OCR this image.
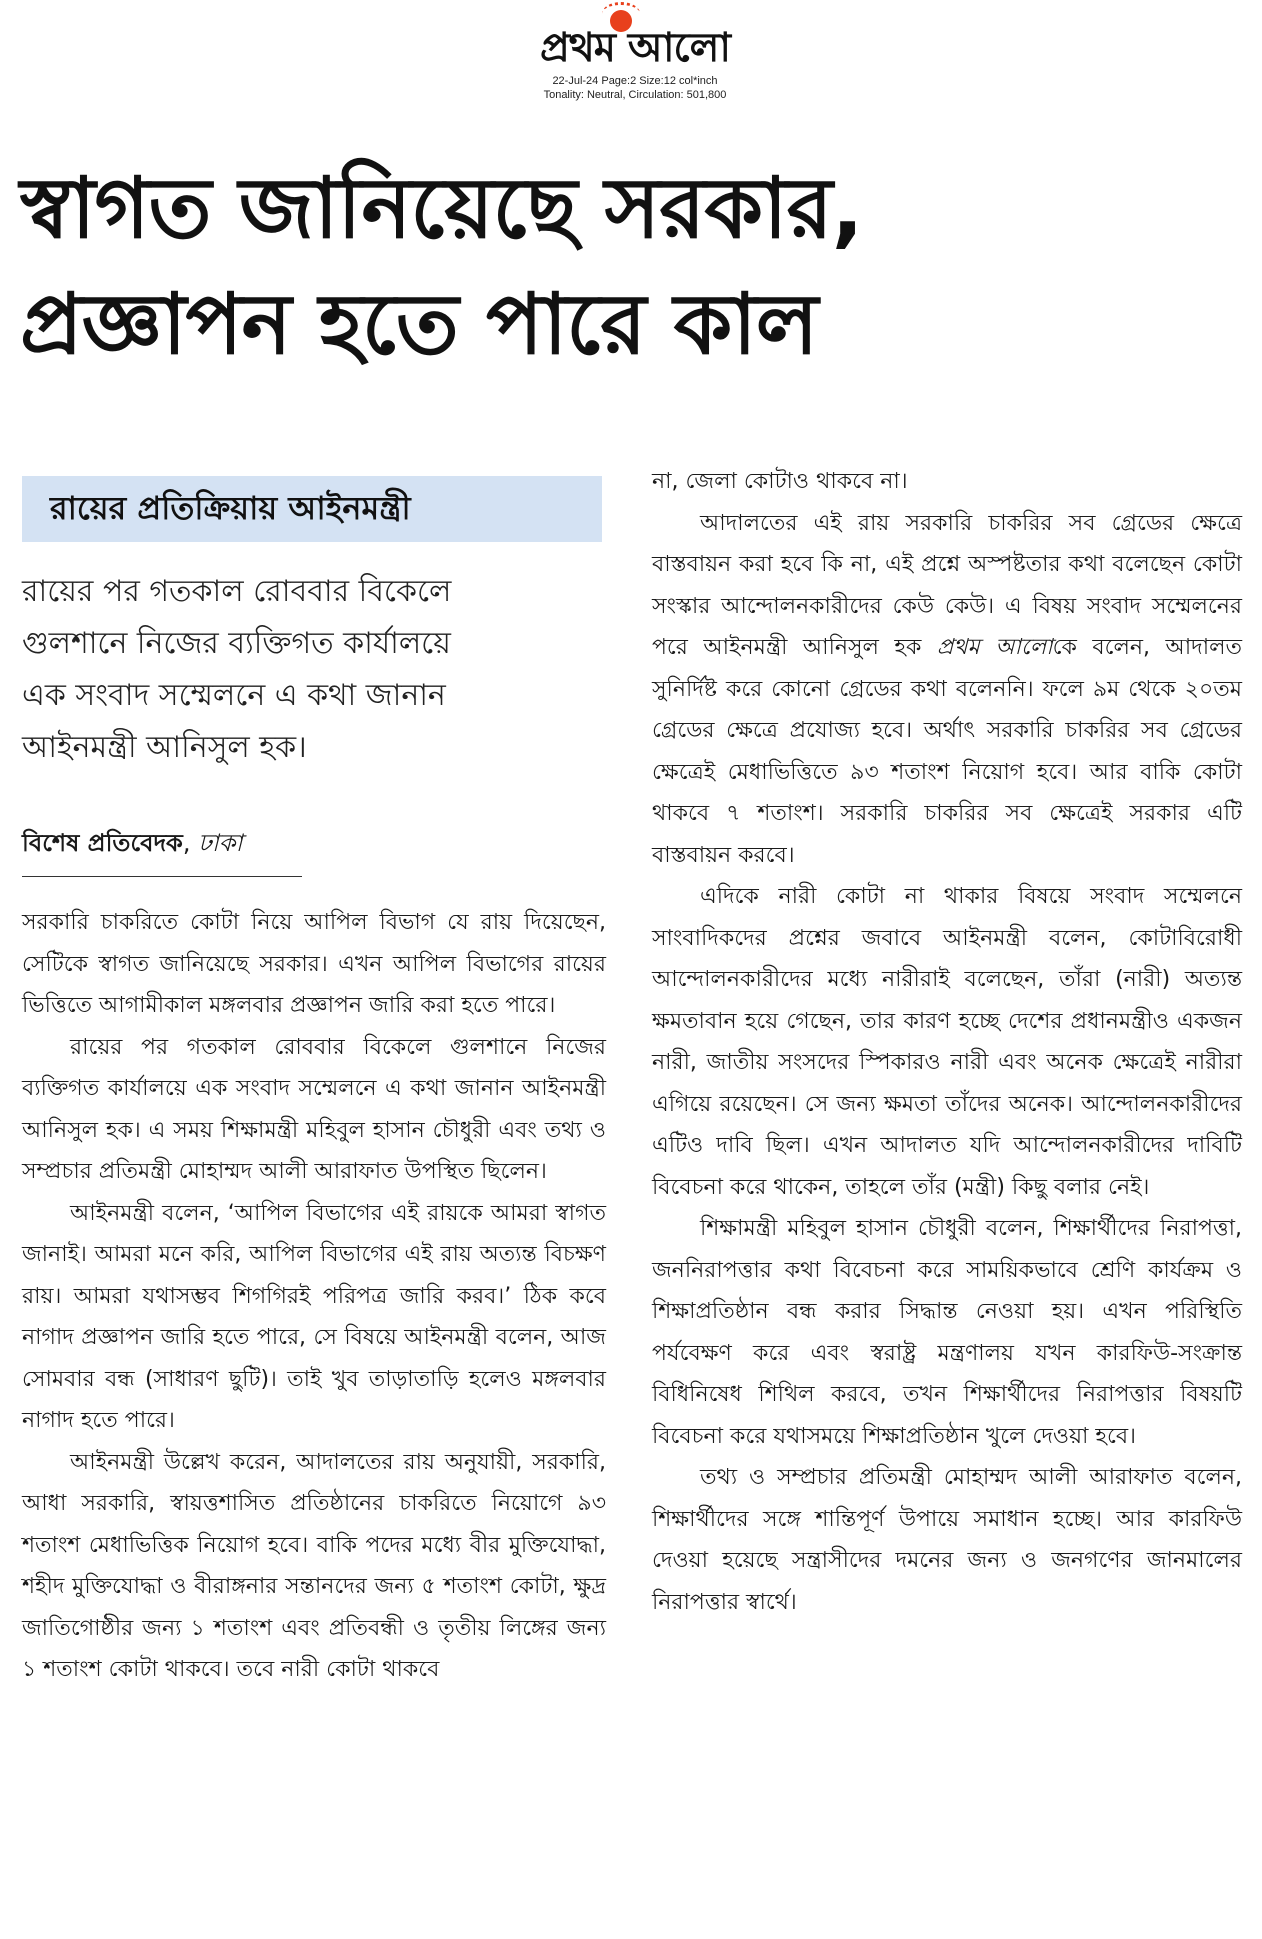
প্রথম আলো
22-Jul-24 Page:2 Size:12 col*inch
Tonality: Neutral, Circulation: 501,800
স্বাগত জানিয়েছে সরকার,
প্রজ্ঞাপন হতে পারে কাল
রায়ের প্রতিক্রিয়ায় আইনমন্ত্রী
রায়ের পর গতকাল রোববার বিকেলে
গুলশানে নিজের ব্যক্তিগত কার্যালয়ে
এক সংবাদ সম্মেলনে এ কথা জানান
আইনমন্ত্রী আনিসুল হক।
বিশেষ প্রতিবেদক, ঢাকা

সরকারি চাকরিতে কোটা নিয়ে আপিল বিভাগ যে রায় দিয়েছেন, সেটিকে স্বাগত জানিয়েছে সরকার। এখন আপিল বিভাগের রায়ের ভিত্তিতে আগামীকাল মঙ্গলবার প্রজ্ঞাপন জারি করা হতে পারে।

রায়ের পর গতকাল রোববার বিকেলে গুলশানে নিজের ব্যক্তিগত কার্যালয়ে এক সংবাদ সম্মেলনে এ কথা জানান আইনমন্ত্রী আনিসুল হক। এ সময় শিক্ষামন্ত্রী মহিবুল হাসান চৌধুরী এবং তথ্য ও সম্প্রচার প্রতিমন্ত্রী মোহাম্মদ আলী আরাফাত উপস্থিত ছিলেন।

আইনমন্ত্রী বলেন, ‘আপিল বিভাগের এই রায়কে আমরা স্বাগত জানাই। আমরা মনে করি, আপিল বিভাগের এই রায় অত্যন্ত বিচক্ষণ রায়। আমরা যথাসম্ভব শিগগিরই পরিপত্র জারি করব।’ ঠিক কবে নাগাদ প্রজ্ঞাপন জারি হতে পারে, সে বিষয়ে আইনমন্ত্রী বলেন, আজ সোমবার বন্ধ (সাধারণ ছুটি)। তাই খুব তাড়াতাড়ি হলেও মঙ্গলবার নাগাদ হতে পারে।

আইনমন্ত্রী উল্লেখ করেন, আদালতের রায় অনুযায়ী, সরকারি, আধা সরকারি, স্বায়ত্তশাসিত প্রতিষ্ঠানের চাকরিতে নিয়োগে ৯৩ শতাংশ মেধাভিত্তিক নিয়োগ হবে। বাকি পদের মধ্যে বীর মুক্তিযোদ্ধা, শহীদ মুক্তিযোদ্ধা ও বীরাঙ্গনার সন্তানদের জন্য ৫ শতাংশ কোটা, ক্ষুদ্র জাতিগোষ্ঠীর জন্য ১ শতাংশ এবং প্রতিবন্ধী ও তৃতীয় লিঙ্গের জন্য ১ শতাংশ কোটা থাকবে। তবে নারী কোটা থাকবে

না, জেলা কোটাও থাকবে না।

আদালতের এই রায় সরকারি চাকরির সব গ্রেডের ক্ষেত্রে বাস্তবায়ন করা হবে কি না, এই প্রশ্নে অস্পষ্টতার কথা বলেছেন কোটা সংস্কার আন্দোলনকারীদের কেউ কেউ। এ বিষয় সংবাদ সম্মেলনের পরে আইনমন্ত্রী আনিসুল হক প্রথম আলোকে বলেন, আদালত সুনির্দিষ্ট করে কোনো গ্রেডের কথা বলেননি। ফলে ৯ম থেকে ২০তম গ্রেডের ক্ষেত্রে প্রযোজ্য হবে। অর্থাৎ সরকারি চাকরির সব গ্রেডের ক্ষেত্রেই মেধাভিত্তিতে ৯৩ শতাংশ নিয়োগ হবে। আর বাকি কোটা থাকবে ৭ শতাংশ। সরকারি চাকরির সব ক্ষেত্রেই সরকার এটি বাস্তবায়ন করবে।

এদিকে নারী কোটা না থাকার বিষয়ে সংবাদ সম্মেলনে সাংবাদিকদের প্রশ্নের জবাবে আইনমন্ত্রী বলেন, কোটাবিরোধী আন্দোলনকারীদের মধ্যে নারীরাই বলেছেন, তাঁরা (নারী) অত্যন্ত ক্ষমতাবান হয়ে গেছেন, তার কারণ হচ্ছে দেশের প্রধানমন্ত্রীও একজন নারী, জাতীয় সংসদের স্পিকারও নারী এবং অনেক ক্ষেত্রেই নারীরা এগিয়ে রয়েছেন। সে জন্য ক্ষমতা তাঁদের অনেক। আন্দোলনকারীদের এটিও দাবি ছিল। এখন আদালত যদি আন্দোলনকারীদের দাবিটি বিবেচনা করে থাকেন, তাহলে তাঁর (মন্ত্রী) কিছু বলার নেই।

শিক্ষামন্ত্রী মহিবুল হাসান চৌধুরী বলেন, শিক্ষার্থীদের নিরাপত্তা, জননিরাপত্তার কথা বিবেচনা করে সাময়িকভাবে শ্রেণি কার্যক্রম ও শিক্ষাপ্রতিষ্ঠান বন্ধ করার সিদ্ধান্ত নেওয়া হয়। এখন পরিস্থিতি পর্যবেক্ষণ করে এবং স্বরাষ্ট্র মন্ত্রণালয় যখন কারফিউ-সংক্রান্ত বিধিনিষেধ শিথিল করবে, তখন শিক্ষার্থীদের নিরাপত্তার বিষয়টি বিবেচনা করে যথাসময়ে শিক্ষাপ্রতিষ্ঠান খুলে দেওয়া হবে।

তথ্য ও সম্প্রচার প্রতিমন্ত্রী মোহাম্মদ আলী আরাফাত বলেন, শিক্ষার্থীদের সঙ্গে শান্তিপূর্ণ উপায়ে সমাধান হচ্ছে। আর কারফিউ দেওয়া হয়েছে সন্ত্রাসীদের দমনের জন্য ও জনগণের জানমালের নিরাপত্তার স্বার্থে।
